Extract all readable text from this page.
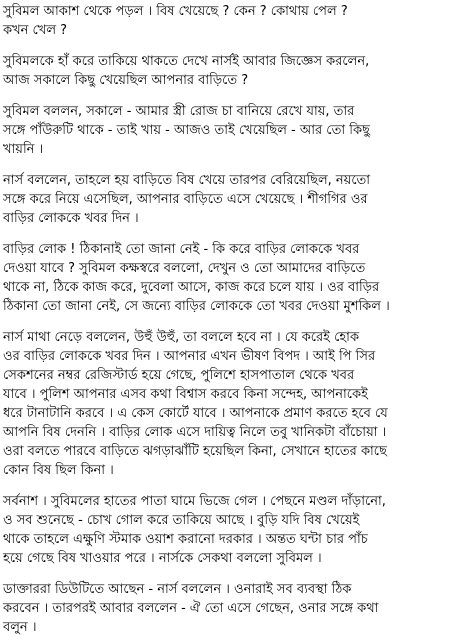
সুবিমল আকাশ থেকে পড়ল । বিষ খেয়েছে ? কেন ? কোথায় পেল ?
কখন খেল ?
সুবিমলকে হাঁ করে তাকিয়ে থাকতে দেখে নার্সই আবার জিজ্ঞেস করলেন,
আজ সকালে কিছু খেয়েছিল আপনার বাড়িতে ?
সুবিমল বললন, সকালে - আমার স্ত্রী রোজ চা বানিয়ে রেখে যায়, তার
সঙ্গে পাঁউরুটি থাকে - তাই খায় - আজও তাই খেয়েছিল - আর তো কিছু
খায়নি ।
নার্স বললেন, তাহলে হয় বাড়িতে বিষ খেয়ে তারপর বেরিয়েছিল, নয়তো
সঙ্গে করে নিয়ে এসেছিল, আপনার বাড়িতে এসে খেয়েছে । শীগগির ওর
বাড়ির লোককে খবর দিন ।
বাড়ির লোক ! ঠিকানাই তো জানা নেই - কি করে বাড়ির লোককে খবর
দেওয়া যাবে ? সুবিমল কক্ষস্বরে বললো, দেখুন ও তো আমাদের বাড়িতে
থাকে না, ঠিকে কাজ করে, দুবেলা আসে, কাজ করে চলে যায় । ওর বাড়ির
ঠিকানা তো জানা নেই, সে জন্যে বাড়ির লোককে তো খবর দেওয়া মুশকিল ।
নার্স মাথা নেড়ে বললেন, উহুঁ উহুঁ, তা বললে হবে না । যে করেই হোক
ওর বাড়ির লোককে খবর দিন । আপনার এখন ভীষণ বিপদ । আই পি সির
সেকশনের নম্বর রেজিস্টার্ড হয়ে গেছে, পুলিশে হাসপাতাল থেকে খবর
যাবে । পুলিশ আপনার এসব কথা বিশ্বাস করবে কিনা সন্দেহ, আপনাকেই
ধরে টানাটানি করবে । এ কেস কোর্টে যাবে । আপনাকে প্রমাণ করতে হবে যে
আপনি বিষ দেননি । বাড়ির লোক এসে দায়িত্ব নিলে তবু খানিকটা বাঁচোয়া ।
ওরা বলতে পারবে বাড়িতে ঝগড়াঝাঁটি হয়েছিল কিনা, সেখানে হাতের কাছে
কোন বিষ ছিল কিনা ।
সর্বনাশ । সুবিমলের হাতের পাতা ঘামে ভিজে গেল । পেছনে মণ্ডল দাঁড়ানো,
ও সব শুনেছে - চোখ গোল করে তাকিয়ে আছে । বুড়ি যদি বিষ খেয়েই
থাকে তাহলে এক্ষুণি স্টমাক ওয়াশ করানো দরকার । অন্তত ঘন্টা চার পাঁচ
হয়ে গেছে বিষ খাওয়ার পরে । নার্সকে সেকথা বললো সুবিমল ।
ডাক্তাররা ডিউটিতে আছেন - নার্স বললেন । ওনারাই সব ব্যবস্থা ঠিক
করবেন । তারপরই আবার বললেন - ঐ তো এসে গেছেন, ওনার সঙ্গে কথা
বলুন ।
